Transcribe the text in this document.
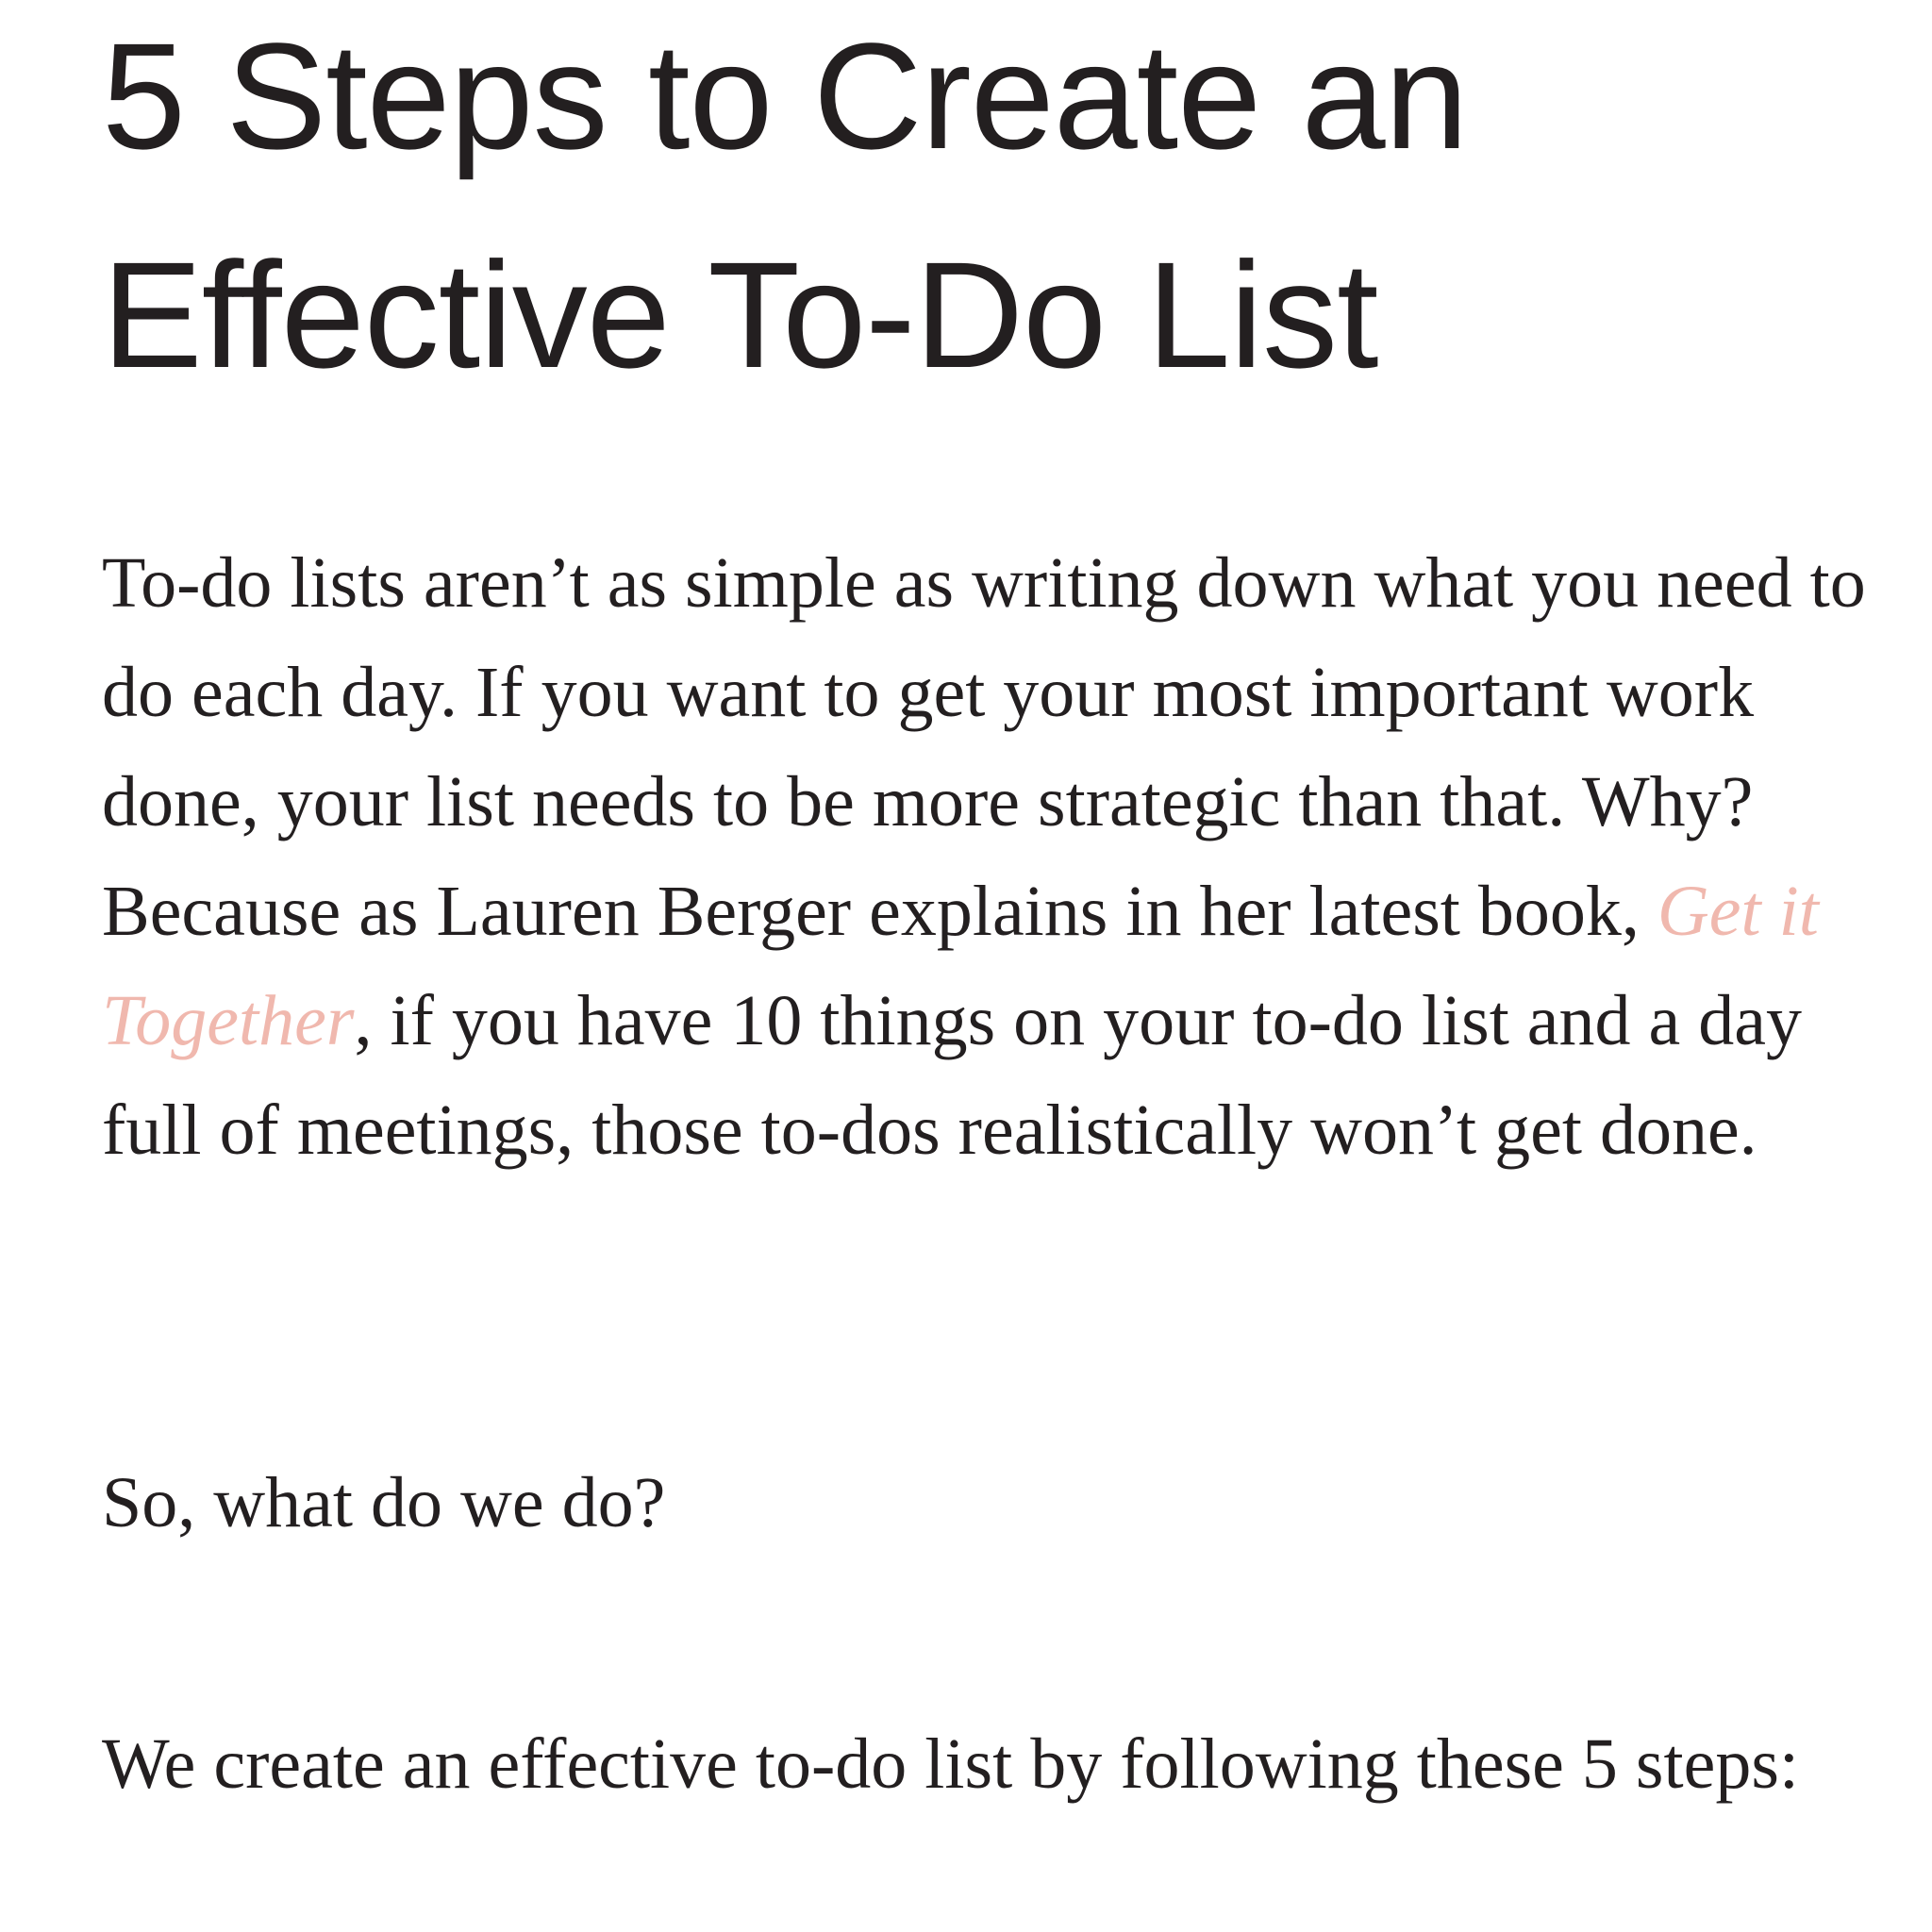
5 Steps to Create an Effective To-Do List

To-do lists aren’t as simple as writing down what you need to do each day. If you want to get your most important work done, your list needs to be more strategic than that. Why? Because as Lauren Berger explains in her latest book, Get it Together, if you have 10 things on your to-do list and a day full of meetings, those to-dos realistically won’t get done.

So, what do we do?

We create an effective to-do list by following these 5 steps:
